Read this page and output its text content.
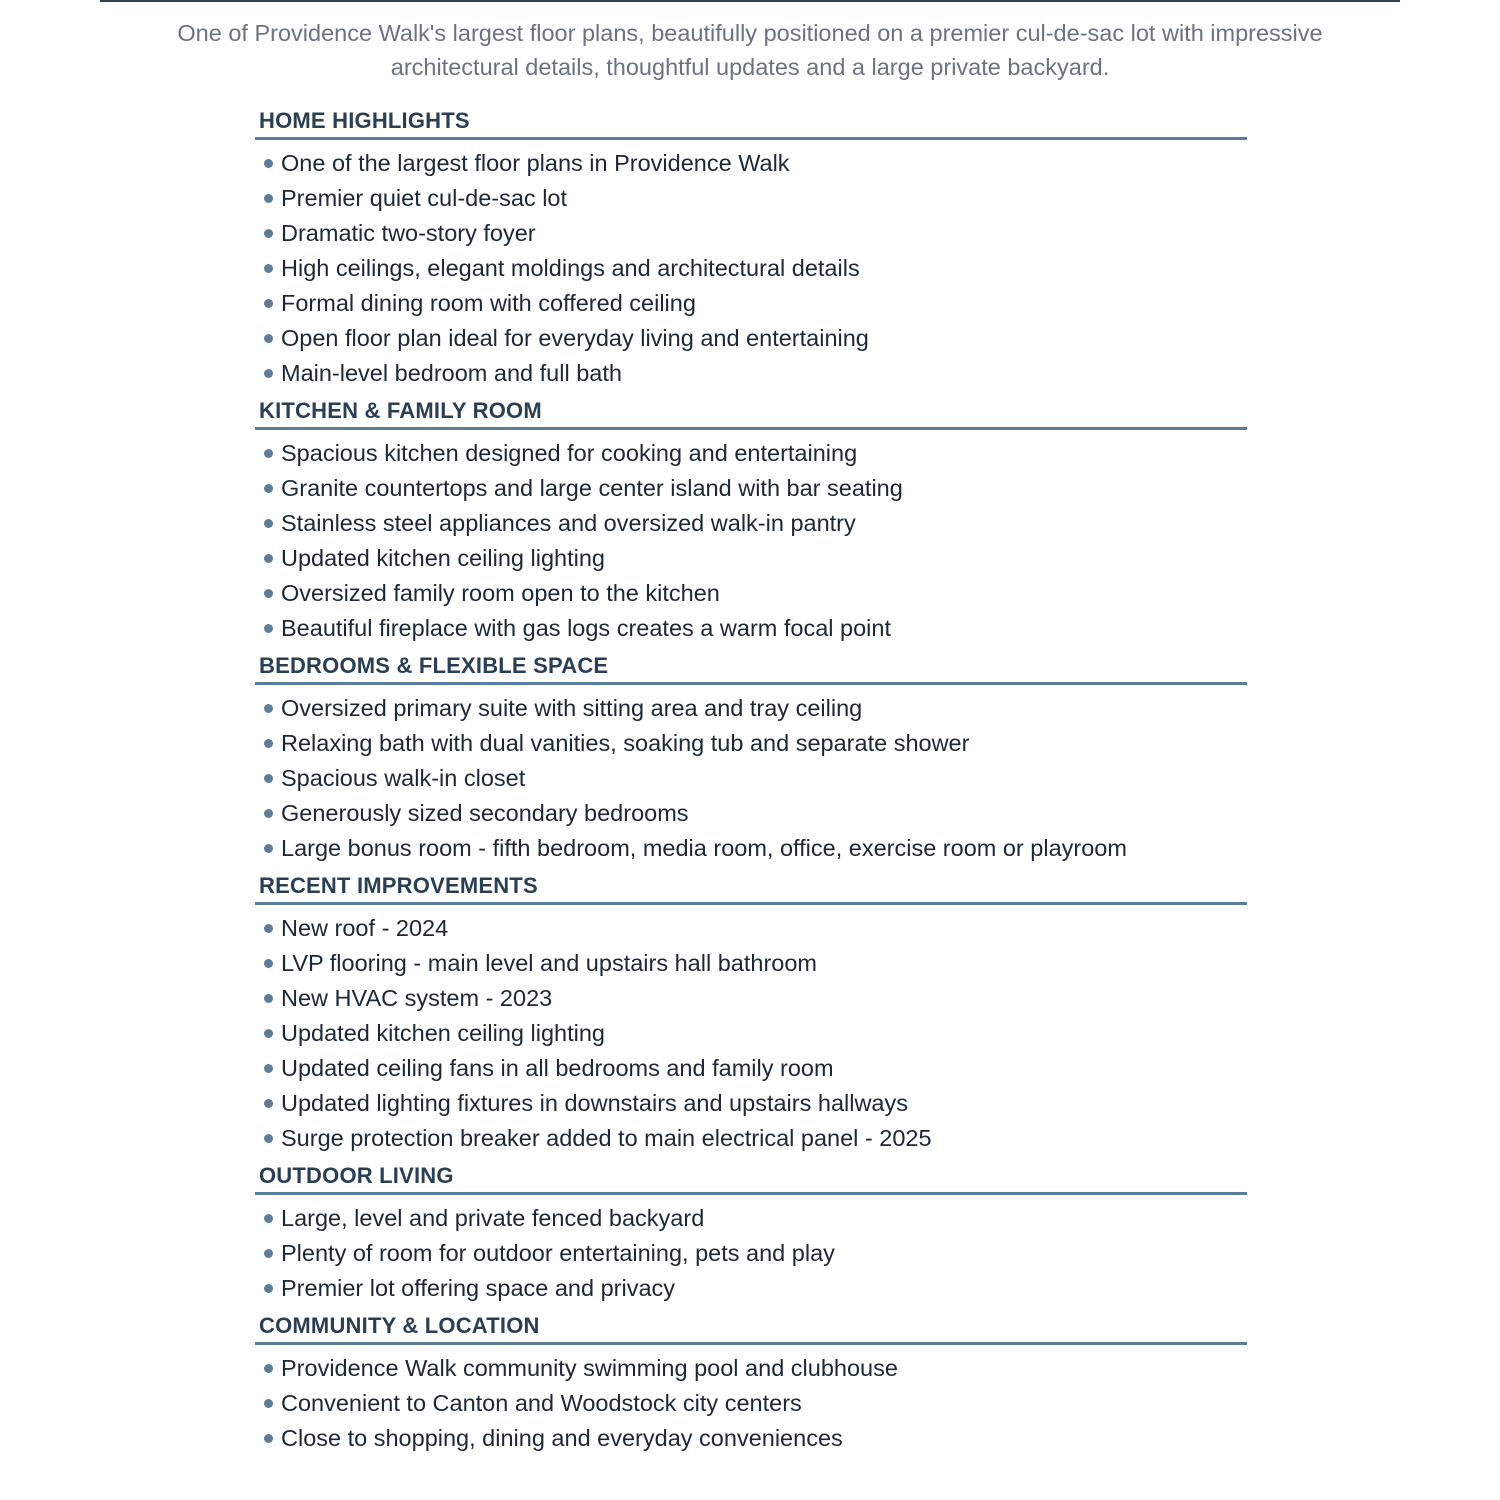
One of Providence Walk's largest floor plans, beautifully positioned on a premier cul-de-sac lot with impressive
architectural details, thoughtful updates and a large private backyard.
HOME HIGHLIGHTS
One of the largest floor plans in Providence Walk
Premier quiet cul-de-sac lot
Dramatic two-story foyer
High ceilings, elegant moldings and architectural details
Formal dining room with coffered ceiling
Open floor plan ideal for everyday living and entertaining
Main-level bedroom and full bath
KITCHEN & FAMILY ROOM
Spacious kitchen designed for cooking and entertaining
Granite countertops and large center island with bar seating
Stainless steel appliances and oversized walk-in pantry
Updated kitchen ceiling lighting
Oversized family room open to the kitchen
Beautiful fireplace with gas logs creates a warm focal point
BEDROOMS & FLEXIBLE SPACE
Oversized primary suite with sitting area and tray ceiling
Relaxing bath with dual vanities, soaking tub and separate shower
Spacious walk-in closet
Generously sized secondary bedrooms
Large bonus room - fifth bedroom, media room, office, exercise room or playroom
RECENT IMPROVEMENTS
New roof - 2024
LVP flooring - main level and upstairs hall bathroom
New HVAC system - 2023
Updated kitchen ceiling lighting
Updated ceiling fans in all bedrooms and family room
Updated lighting fixtures in downstairs and upstairs hallways
Surge protection breaker added to main electrical panel - 2025
OUTDOOR LIVING
Large, level and private fenced backyard
Plenty of room for outdoor entertaining, pets and play
Premier lot offering space and privacy
COMMUNITY & LOCATION
Providence Walk community swimming pool and clubhouse
Convenient to Canton and Woodstock city centers
Close to shopping, dining and everyday conveniences
